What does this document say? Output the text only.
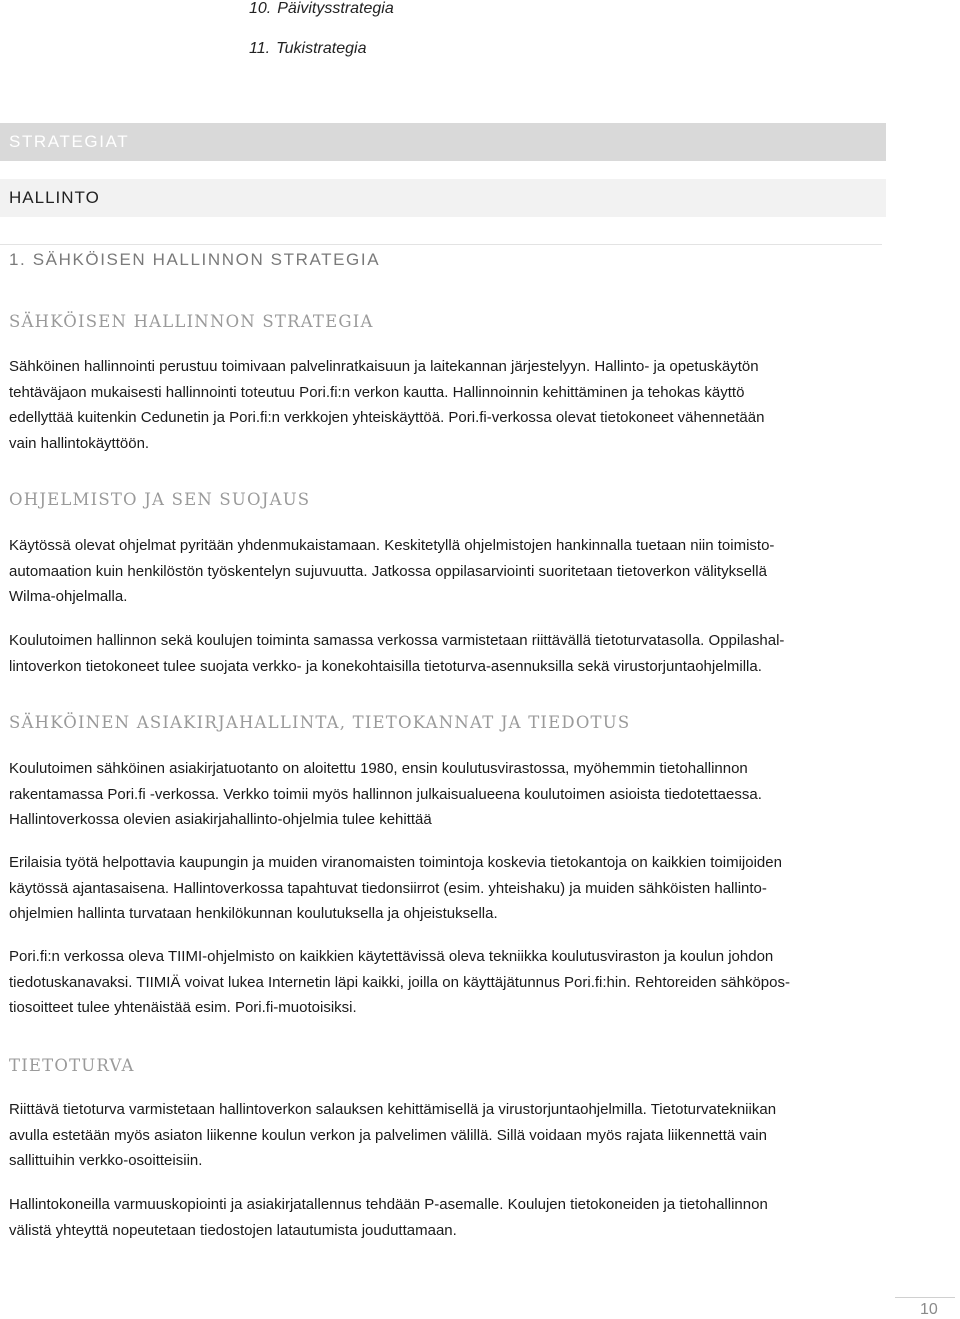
10. Päivitysstrategia
11. Tukistrategia
STRATEGIAT
HALLINTO
1. SÄHKÖISEN HALLINNON STRATEGIA
SÄHKÖISEN HALLINNON STRATEGIA

Sähköinen hallinnointi perustuu toimivaan palvelinratkaisuun ja laitekannan järjestelyyn. Hallinto- ja opetuskäytön
tehtäväjaon mukaisesti hallinnointi toteutuu Pori.fi:n verkon kautta. Hallinnoinnin kehittäminen ja tehokas käyttö
edellyttää kuitenkin Cedunetin ja Pori.fi:n verkkojen yhteiskäyttöä. Pori.fi-verkossa olevat tietokoneet vähennetään
vain hallintokäyttöön.

OHJELMISTO JA SEN SUOJAUS

Käytössä olevat ohjelmat pyritään yhdenmukaistamaan. Keskitetyllä ohjelmistojen hankinnalla tuetaan niin toimisto-
automaation kuin henkilöstön työskentelyn sujuvuutta. Jatkossa oppilasarviointi suoritetaan tietoverkon välityksellä
Wilma-ohjelmalla.

Koulutoimen hallinnon sekä koulujen toiminta samassa verkossa varmistetaan riittävällä tietoturvatasolla. Oppilashal-
lintoverkon tietokoneet tulee suojata verkko- ja konekohtaisilla tietoturva-asennuksilla sekä virustorjuntaohjelmilla.

SÄHKÖINEN ASIAKIRJAHALLINTA, TIETOKANNAT JA TIEDOTUS

Koulutoimen sähköinen asiakirjatuotanto on aloitettu 1980, ensin koulutusvirastossa, myöhemmin tietohallinnon
rakentamassa Pori.fi -verkossa. Verkko toimii myös hallinnon julkaisualueena koulutoimen asioista tiedotettaessa.
Hallintoverkossa olevien asiakirjahallinto-ohjelmia tulee kehittää

Erilaisia työtä helpottavia kaupungin ja muiden viranomaisten toimintoja koskevia tietokantoja on kaikkien toimijoiden
käytössä ajantasaisena. Hallintoverkossa tapahtuvat tiedonsiirrot (esim. yhteishaku) ja muiden sähköisten hallinto-
ohjelmien hallinta turvataan henkilökunnan koulutuksella ja ohjeistuksella.

Pori.fi:n verkossa oleva TIIMI-ohjelmisto on kaikkien käytettävissä oleva tekniikka koulutusviraston ja koulun johdon
tiedotuskanavaksi. TIIMIÄ voivat lukea Internetin läpi kaikki, joilla on käyttäjätunnus Pori.fi:hin. Rehtoreiden sähköpos-
tiosoitteet tulee yhtenäistää esim. Pori.fi-muotoisiksi.

TIETOTURVA

Riittävä tietoturva varmistetaan hallintoverkon salauksen kehittämisellä ja virustorjuntaohjelmilla. Tietoturvatekniikan
avulla estetään myös asiaton liikenne koulun verkon ja palvelimen välillä. Sillä voidaan myös rajata liikennettä vain
sallittuihin verkko-osoitteisiin.

Hallintokoneilla varmuuskopiointi ja asiakirjatallennus tehdään P-asemalle. Koulujen tietokoneiden ja tietohallinnon
välistä yhteyttä nopeutetaan tiedostojen latautumista jouduttamaan.

10
